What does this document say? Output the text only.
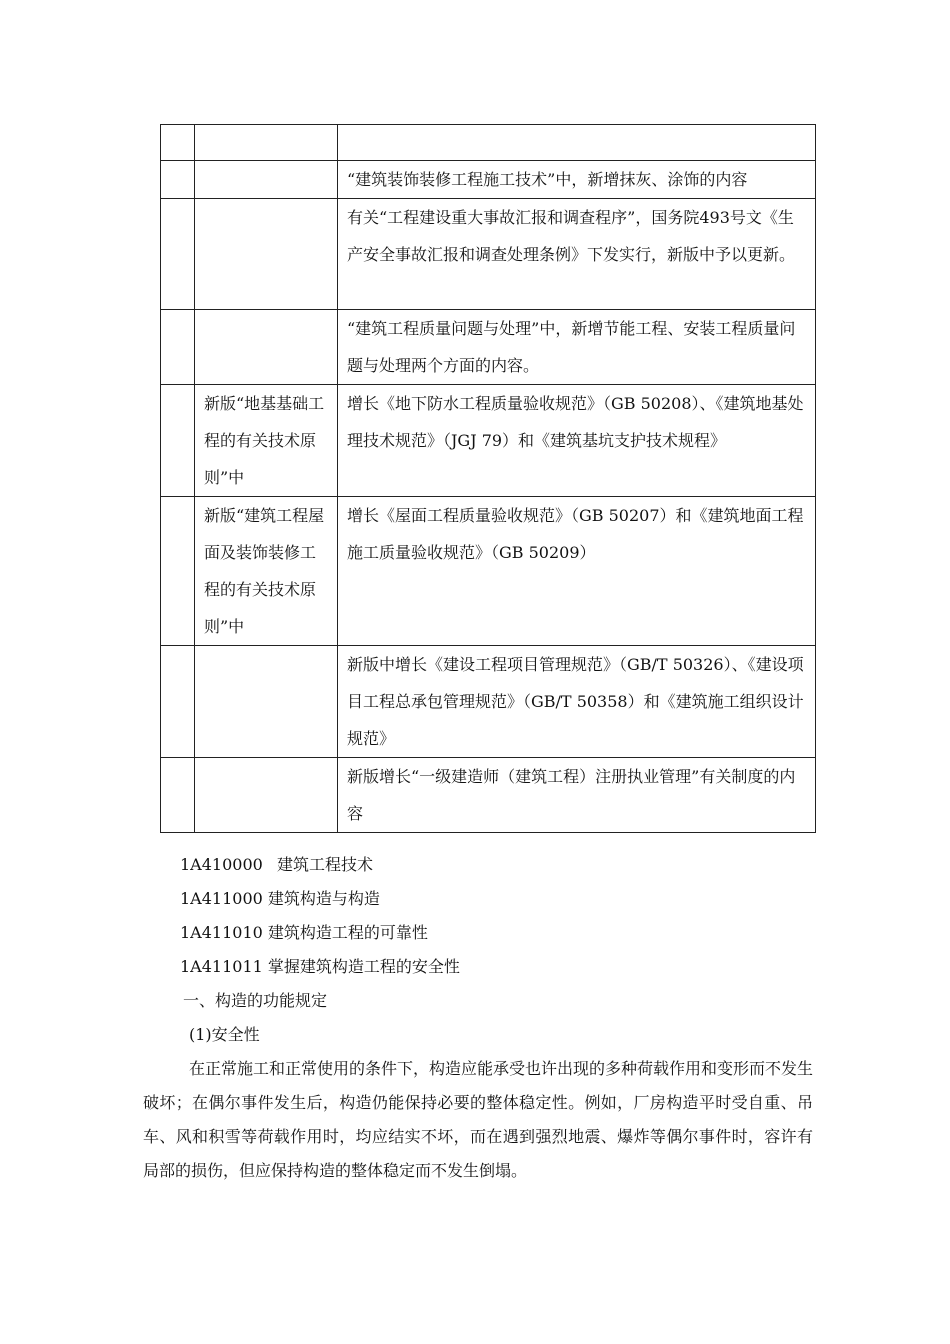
		“建筑装饰装修工程施工技术”中，新增抹灰、涂饰的内容
		有关“工程建设重大事故汇报和调查程序”，国务院493号文《生产安全事故汇报和调查处理条例》下发实行，新版中予以更新。
		“建筑工程质量问题与处理”中，新增节能工程、安装工程质量问题与处理两个方面的内容。
	新版“地基基础工程的有关技术原则”中	增长《地下防水工程质量验收规范》（GB 50208）、《建筑地基处理技术规范》（JGJ 79）和《建筑基坑支护技术规程》
	新版“建筑工程屋面及装饰装修工程的有关技术原则”中	增长《屋面工程质量验收规范》（GB 50207）和《建筑地面工程施工质量验收规范》（GB 50209）
		新版中增长《建设工程项目管理规范》（GB/T 50326）、《建设项目工程总承包管理规范》（GB/T 50358）和《建筑施工组织设计规范》
		新版增长“一级建造师（建筑工程）注册执业管理”有关制度的内容
1A410000 建筑工程技术
1A411000 建筑构造与构造
1A411010 建筑构造工程的可靠性
1A411011 掌握建筑构造工程的安全性
一、构造的功能规定
(1)安全性
在正常施工和正常使用的条件下，构造应能承受也许出现的多种荷载作用和变形而不发生破坏；在偶尔事件发生后，构造仍能保持必要的整体稳定性。例如，厂房构造平时受自重、吊车、风和积雪等荷载作用时，均应结实不坏，而在遇到强烈地震、爆炸等偶尔事件时，容许有局部的损伤，但应保持构造的整体稳定而不发生倒塌。
